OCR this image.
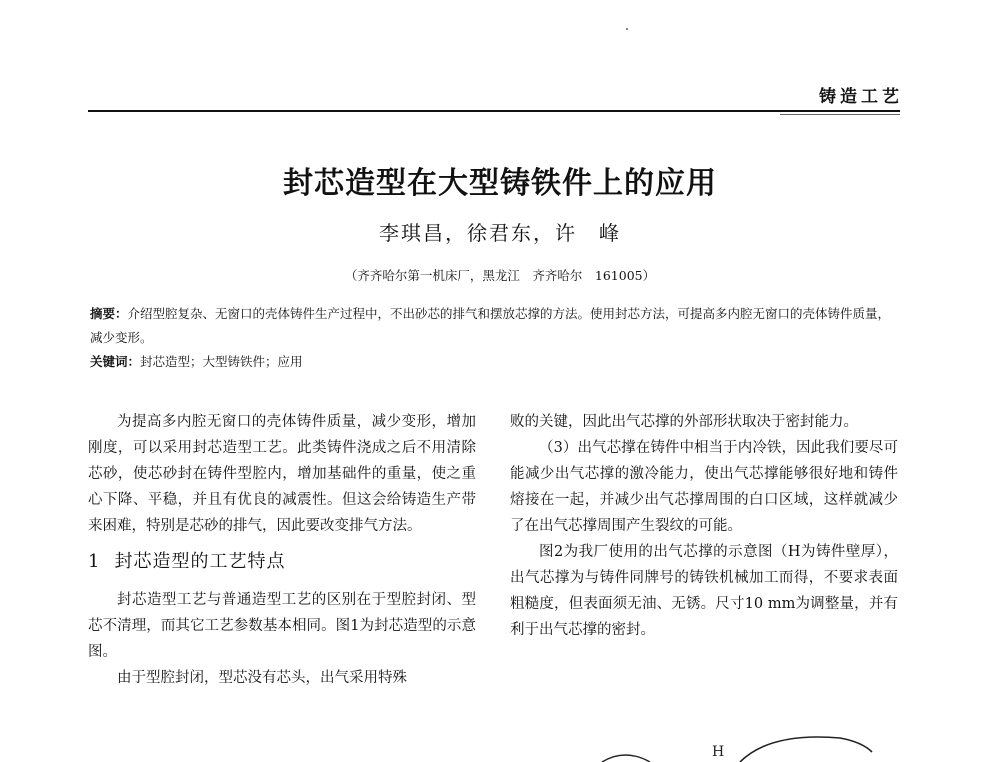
铸造工艺
封芯造型在大型铸铁件上的应用
李琪昌，徐君东，许　峰
（齐齐哈尔第一机床厂，黑龙江　齐齐哈尔　161005）

摘要：介绍型腔复杂、无窗口的壳体铸件生产过程中，不出砂芯的排气和摆放芯撑的方法。使用封芯方法，可提高多内腔无窗口的壳体铸件质量，减少变形。

关键词：封芯造型；大型铸铁件；应用

为提高多内腔无窗口的壳体铸件质量，减少变形，增加刚度，可以采用封芯造型工艺。此类铸件浇成之后不用清除芯砂，使芯砂封在铸件型腔内，增加基础件的重量，使之重心下降、平稳，并且有优良的减震性。但这会给铸造生产带来困难，特别是芯砂的排气，因此要改变排气方法。

1 封芯造型的工艺特点

封芯造型工艺与普通造型工艺的区别在于型腔封闭、型芯不清理，而其它工艺参数基本相同。图1为封芯造型的示意图。

由于型腔封闭，型芯没有芯头，出气采用特殊

败的关键，因此出气芯撑的外部形状取决于密封能力。

（3）出气芯撑在铸件中相当于内冷铁，因此我们要尽可能减少出气芯撑的激冷能力，使出气芯撑能够很好地和铸件熔接在一起，并减少出气芯撑周围的白口区域，这样就减少了在出气芯撑周围产生裂纹的可能。

图2为我厂使用的出气芯撑的示意图（H为铸件壁厚），出气芯撑为与铸件同牌号的铸铁机械加工而得，不要求表面粗糙度，但表面须无油、无锈。尺寸10 mm为调整量，并有利于出气芯撑的密封。

H
